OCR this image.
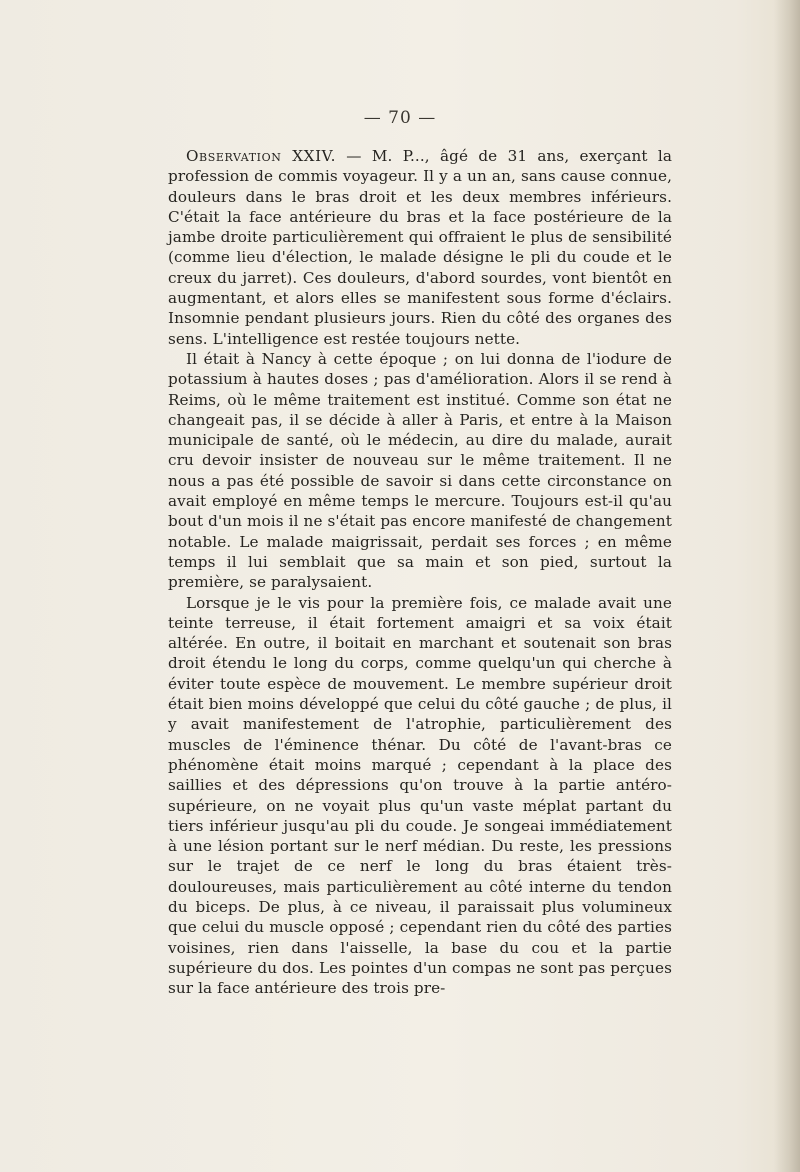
— 70 —

Observation XXIV. — M. P..., âgé de 31 ans, exerçant la profession de commis voyageur. Il y a un an, sans cause connue, douleurs dans le bras droit et les deux membres inférieurs. C'était la face antérieure du bras et la face postérieure de la jambe droite particulièrement qui offraient le plus de sensibilité (comme lieu d'élection, le malade désigne le pli du coude et le creux du jarret). Ces douleurs, d'abord sourdes, vont bientôt en augmentant, et alors elles se manifestent sous forme d'éclairs. Insomnie pendant plusieurs jours. Rien du côté des organes des sens. L'intelligence est restée toujours nette.

Il était à Nancy à cette époque ; on lui donna de l'iodure de potassium à hautes doses ; pas d'amélioration. Alors il se rend à Reims, où le même traitement est institué. Comme son état ne changeait pas, il se décide à aller à Paris, et entre à la Maison municipale de santé, où le médecin, au dire du malade, aurait cru devoir insister de nouveau sur le même traitement. Il ne nous a pas été possible de savoir si dans cette circonstance on avait employé en même temps le mercure. Toujours est-il qu'au bout d'un mois il ne s'était pas encore manifesté de changement notable. Le malade maigrissait, perdait ses forces ; en même temps il lui semblait que sa main et son pied, surtout la première, se paralysaient.

Lorsque je le vis pour la première fois, ce malade avait une teinte terreuse, il était fortement amaigri et sa voix était altérée. En outre, il boitait en marchant et soutenait son bras droit étendu le long du corps, comme quelqu'un qui cherche à éviter toute espèce de mouvement. Le membre supérieur droit était bien moins développé que celui du côté gauche ; de plus, il y avait manifestement de l'atrophie, particulièrement des muscles de l'éminence thénar. Du côté de l'avant-bras ce phénomène était moins marqué ; cependant à la place des saillies et des dépressions qu'on trouve à la partie antéro-supérieure, on ne voyait plus qu'un vaste méplat partant du tiers inférieur jusqu'au pli du coude. Je songeai immédiatement à une lésion portant sur le nerf médian. Du reste, les pressions sur le trajet de ce nerf le long du bras étaient très-douloureuses, mais particulièrement au côté interne du tendon du biceps. De plus, à ce niveau, il paraissait plus volumineux que celui du muscle opposé ; cependant rien du côté des parties voisines, rien dans l'aisselle, la base du cou et la partie supérieure du dos. Les pointes d'un compas ne sont pas perçues sur la face antérieure des trois pre-
